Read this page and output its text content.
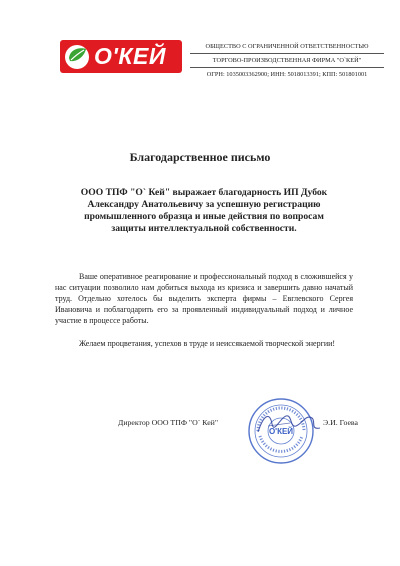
О'КЕЙ	ОБЩЕСТВО С ОГРАНИЧЕННОЙ ОТВЕТСТВЕННОСТЬЮ
ТОРГОВО-ПРОИЗВОДСТВЕННАЯ ФИРМА "О`КЕЙ"
ОГРН: 1035003362900; ИНН: 5018013391; КПП: 501801001
Благодарственное письмо
ООО ТПФ "О` Кей" выражает благодарность ИП Дубок Александру Анатольевичу за успешную регистрацию промышленного образца и иные действия по вопросам защиты интеллектуальной собственности.
Ваше оперативное реагирование и профессиональный подход в сложившейся у нас ситуации позволило нам добиться выхода из кризиса и завершить давно начатый труд. Отдельно хотелось бы выделить эксперта фирмы – Евглевского Сергея Ивановича и поблагодарить его за проявленный индивидуальный подход и личное участие в процессе работы.
Желаем процветания, успехов в труде и неиссякаемой творческой энергии!
Директор ООО ТПФ "О` Кей"
О'КЕЙ
Э.И. Гоева
